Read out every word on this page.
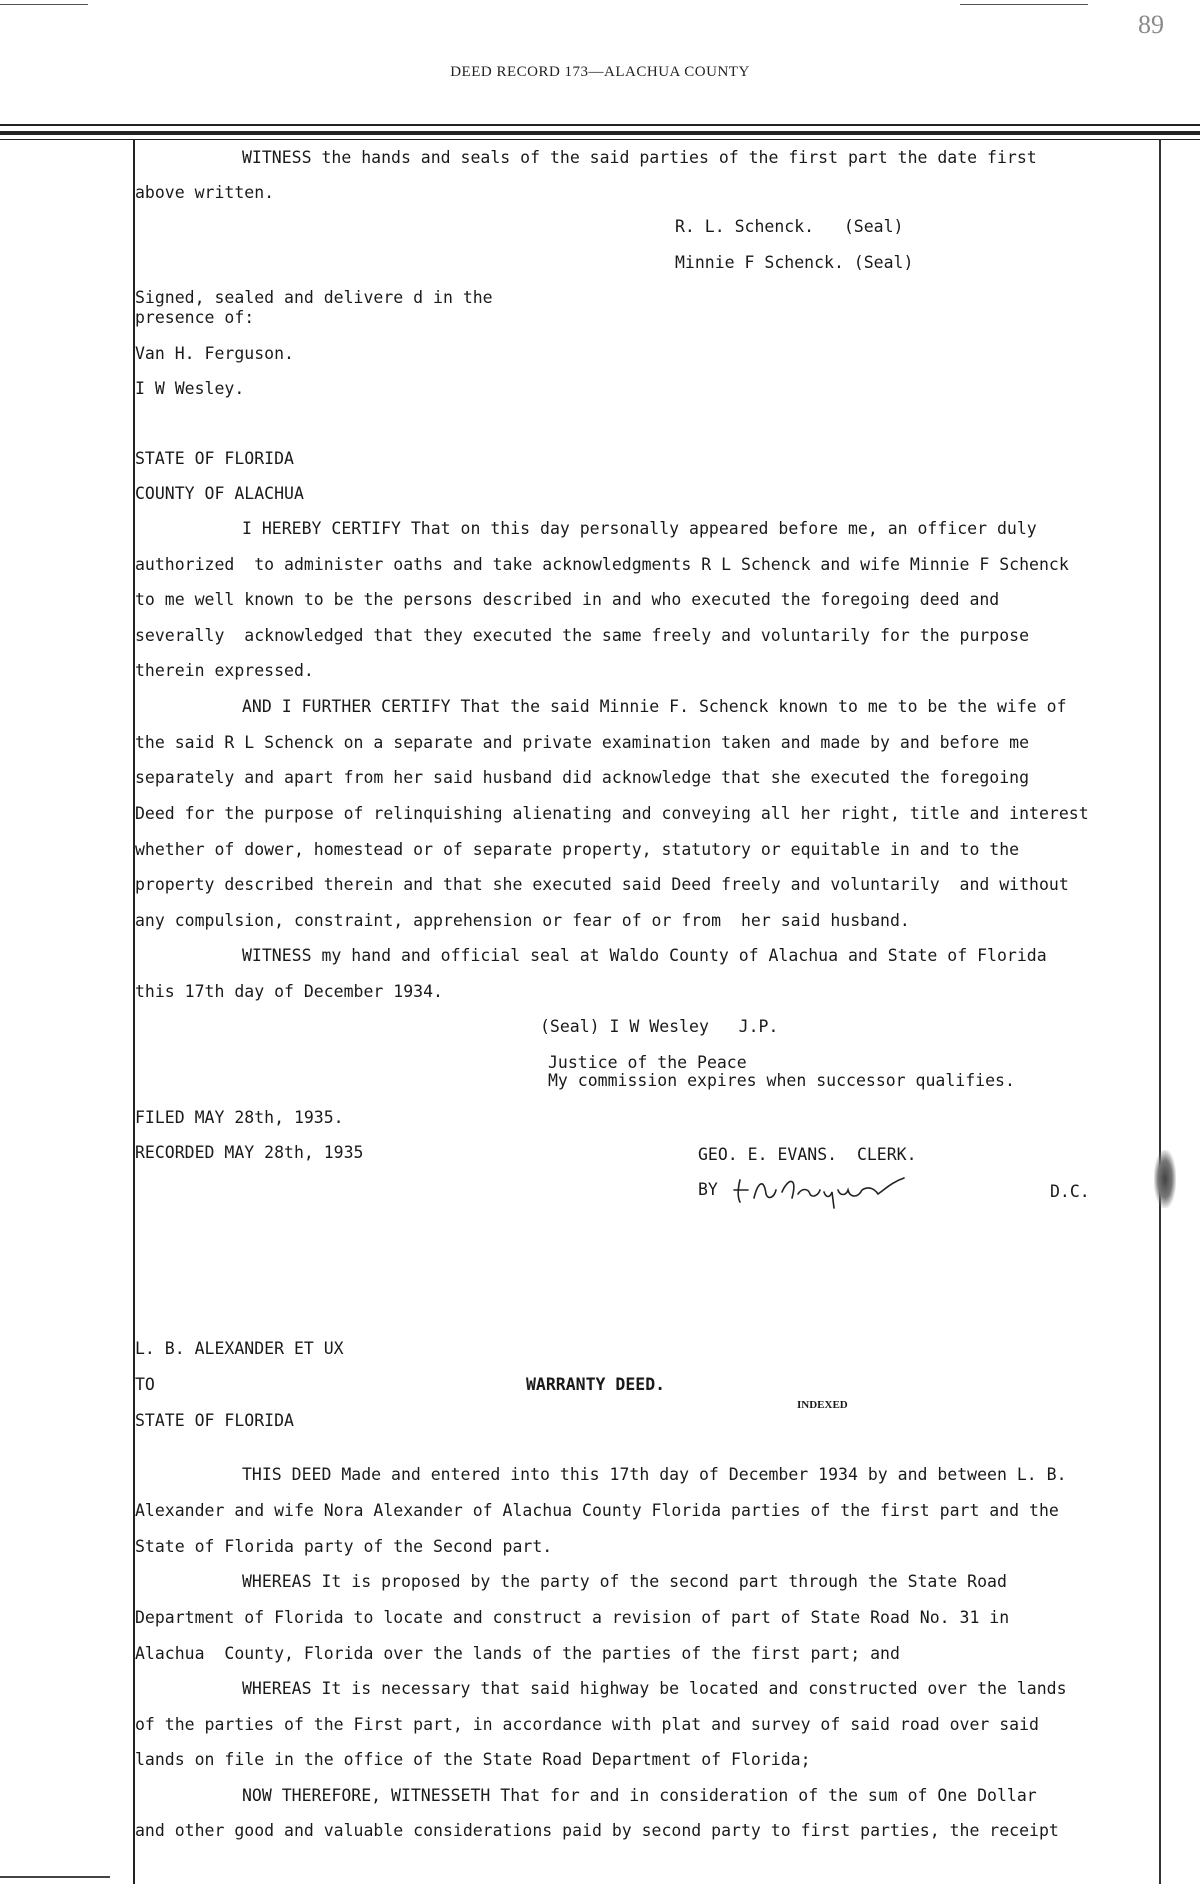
89
DEED RECORD 173—ALACHUA COUNTY
WITNESS the hands and seals of the said parties of the first part the date first
above written.
R. L. Schenck.   (Seal)
Minnie F Schenck. (Seal)
Signed, sealed and delivere d in the
presence of:
Van H. Ferguson.
I W Wesley.
STATE OF FLORIDA
COUNTY OF ALACHUA
I HEREBY CERTIFY That on this day personally appeared before me, an officer duly
authorized  to administer oaths and take acknowledgments R L Schenck and wife Minnie F Schenck
to me well known to be the persons described in and who executed the foregoing deed and
severally  acknowledged that they executed the same freely and voluntarily for the purpose
therein expressed.
AND I FURTHER CERTIFY That the said Minnie F. Schenck known to me to be the wife of
the said R L Schenck on a separate and private examination taken and made by and before me
separately and apart from her said husband did acknowledge that she executed the foregoing
Deed for the purpose of relinquishing alienating and conveying all her right, title and interest
whether of dower, homestead or of separate property, statutory or equitable in and to the
property described therein and that she executed said Deed freely and voluntarily  and without
any compulsion, constraint, apprehension or fear of or from  her said husband.
WITNESS my hand and official seal at Waldo County of Alachua and State of Florida
this 17th day of December 1934.
(Seal) I W Wesley   J.P.
Justice of the Peace
My commission expires when successor qualifies.
FILED MAY 28th, 1935.
RECORDED MAY 28th, 1935	GEO. E. EVANS.  CLERK.
BY	D.C.
L. B. ALEXANDER ET UX
TO	WARRANTY DEED.
INDEXED
STATE OF FLORIDA
THIS DEED Made and entered into this 17th day of December 1934 by and between L. B.
Alexander and wife Nora Alexander of Alachua County Florida parties of the first part and the
State of Florida party of the Second part.
WHEREAS It is proposed by the party of the second part through the State Road
Department of Florida to locate and construct a revision of part of State Road No. 31 in
Alachua  County, Florida over the lands of the parties of the first part; and
WHEREAS It is necessary that said highway be located and constructed over the lands
of the parties of the First part, in accordance with plat and survey of said road over said
lands on file in the office of the State Road Department of Florida;
NOW THEREFORE, WITNESSETH That for and in consideration of the sum of One Dollar
and other good and valuable considerations paid by second party to first parties, the receipt
